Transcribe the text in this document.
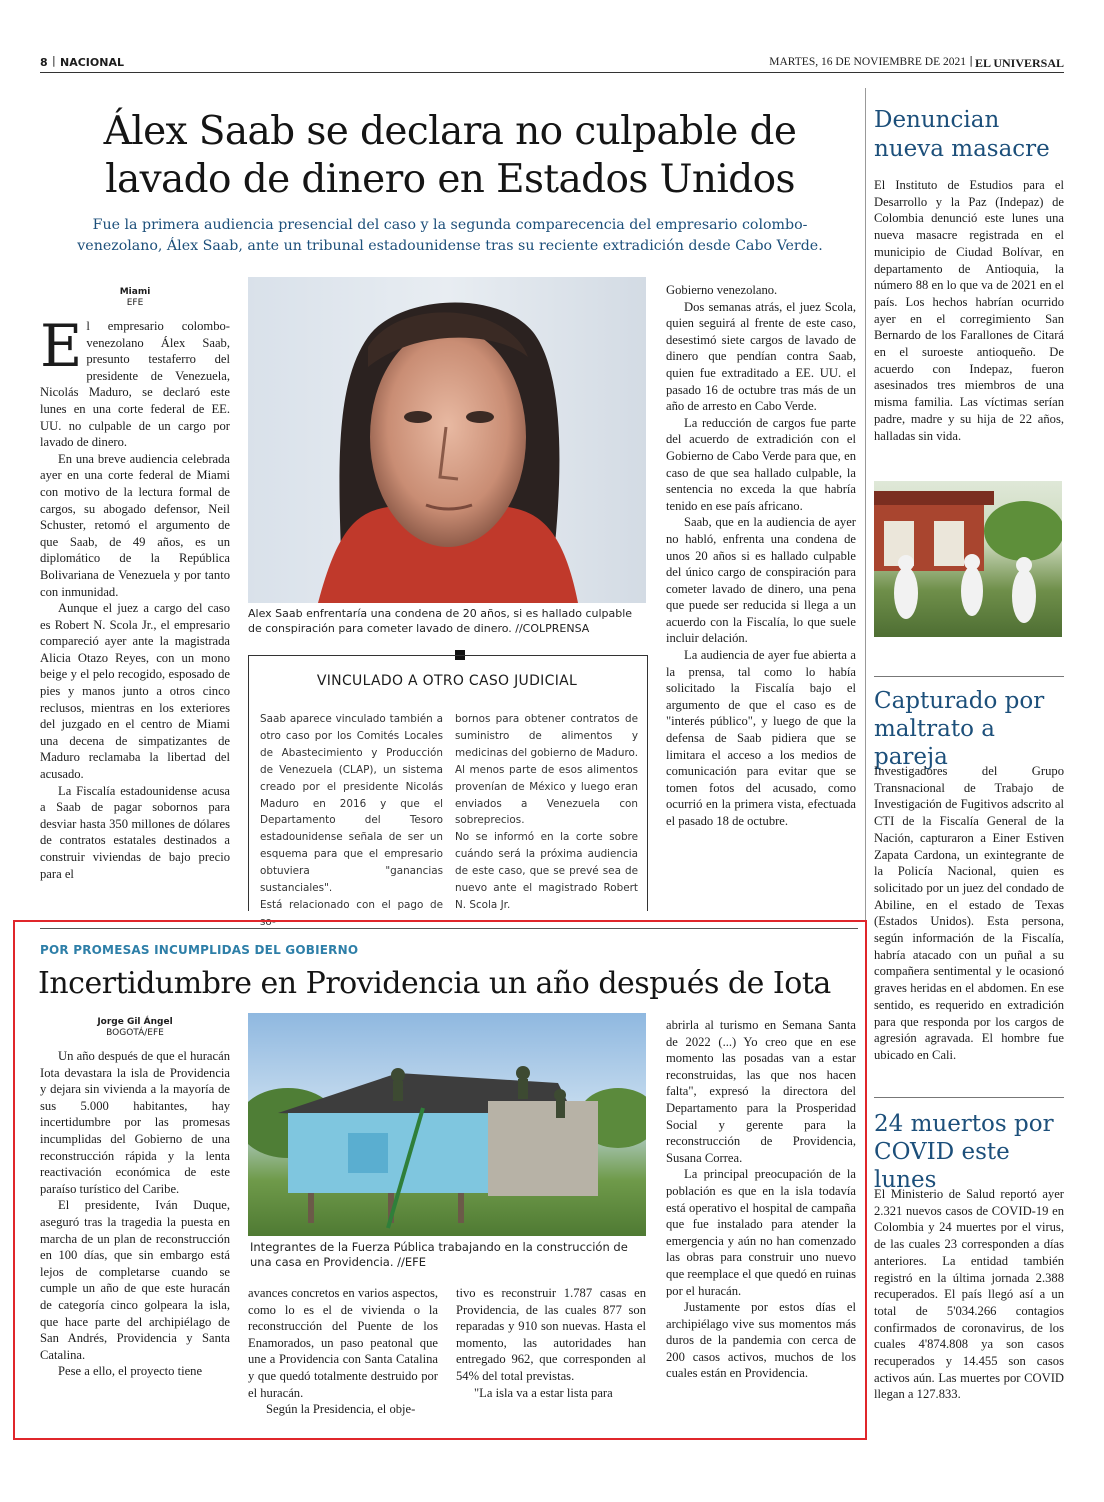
8 | NACIONAL	MARTES, 16 DE NOVIEMBRE DE 2021 | EL UNIVERSAL
Álex Saab se declara no culpable de
lavado de dinero en Estados Unidos
Fue la primera audiencia presencial del caso y la segunda comparecencia del empresario colombo-
venezolano, Álex Saab, ante un tribunal estadounidense tras su reciente extradición desde Cabo Verde.
Miami
EFE
E l empresario colombo-venezolano Álex Saab, presunto testaferro del presidente de Venezuela, Nicolás Maduro, se declaró este lunes en una corte federal de EE. UU. no culpable de un cargo por lavado de dinero.

En una breve audiencia celebrada ayer en una corte federal de Miami con motivo de la lectura formal de cargos, su abogado defensor, Neil Schuster, retomó el argumento de que Saab, de 49 años, es un diplomático de la República Bolivariana de Venezuela y por tanto con inmunidad.

Aunque el juez a cargo del caso es Robert N. Scola Jr., el empresario compareció ayer ante la magistrada Alicia Otazo Reyes, con un mono beige y el pelo recogido, esposado de pies y manos junto a otros cinco reclusos, mientras en los exteriores del juzgado en el centro de Miami una decena de simpatizantes de Maduro reclamaba la libertad del acusado.

La Fiscalía estadounidense acusa a Saab de pagar sobornos para desviar hasta 350 millones de dólares de contratos estatales destinados a construir viviendas de bajo precio para el

Alex Saab enfrentaría una condena de 20 años, si es hallado culpable de conspiración para cometer lavado de dinero. //COLPRENSA
VINCULADO A OTRO CASO JUDICIAL
Saab aparece vinculado también a otro caso por los Comités Locales de Abastecimiento y Producción de Venezuela (CLAP), un sistema creado por el presidente Nicolás Maduro en 2016 y que el Departamento del Tesoro estadounidense señala de ser un esquema para que el empresario obtuviera "ganancias sustanciales".
Está relacionado con el pago de so-
bornos para obtener contratos de suministro de alimentos y medicinas del gobierno de Maduro. Al menos parte de esos alimentos provenían de México y luego eran enviados a Venezuela con sobreprecios.
No se informó en la corte sobre cuándo será la próxima audiencia de este caso, que se prevé sea de nuevo ante el magistrado Robert N. Scola Jr.

Gobierno venezolano.

Dos semanas atrás, el juez Scola, quien seguirá al frente de este caso, desestimó siete cargos de lavado de dinero que pendían contra Saab, quien fue extraditado a EE. UU. el pasado 16 de octubre tras más de un año de arresto en Cabo Verde.

La reducción de cargos fue parte del acuerdo de extradición con el Gobierno de Cabo Verde para que, en caso de que sea hallado culpable, la sentencia no exceda la que habría tenido en ese país africano.

Saab, que en la audiencia de ayer no habló, enfrenta una condena de unos 20 años si es hallado culpable del único cargo de conspiración para cometer lavado de dinero, una pena que puede ser reducida si llega a un acuerdo con la Fiscalía, lo que suele incluir delación.

La audiencia de ayer fue abierta a la prensa, tal como lo había solicitado la Fiscalía bajo el argumento de que el caso es de "interés público", y luego de que la defensa de Saab pidiera que se limitara el acceso a los medios de comunicación para evitar que se tomen fotos del acusado, como ocurrió en la primera vista, efectuada el pasado 18 de octubre.

Denuncian
nueva masacre

El Instituto de Estudios para el Desarrollo y la Paz (Indepaz) de Colombia denunció este lunes una nueva masacre registrada en el municipio de Ciudad Bolívar, en departamento de Antioquia, la número 88 en lo que va de 2021 en el país. Los hechos habrían ocurrido ayer en el corregimiento San Bernardo de los Farallones de Citará en el suroeste antioqueño. De acuerdo con Indepaz, fueron asesinados tres miembros de una misma familia. Las víctimas serían padre, madre y su hija de 22 años, halladas sin vida.

Capturado por
maltrato a pareja

Investigadores del Grupo Transnacional de Trabajo de Investigación de Fugitivos adscrito al CTI de la Fiscalía General de la Nación, capturaron a Einer Estiven Zapata Cardona, un exintegrante de la Policía Nacional, quien es solicitado por un juez del condado de Abiline, en el estado de Texas (Estados Unidos). Esta persona, según información de la Fiscalía, habría atacado con un puñal a su compañera sentimental y le ocasionó graves heridas en el abdomen. En ese sentido, es requerido en extradición para que responda por los cargos de agresión agravada. El hombre fue ubicado en Cali.

24 muertos por
COVID este lunes

El Ministerio de Salud reportó ayer 2.321 nuevos casos de COVID-19 en Colombia y 24 muertes por el virus, de las cuales 23 corresponden a días anteriores. La entidad también registró en la última jornada 2.388 recuperados. El país llegó así a un total de 5'034.266 contagios confirmados de coronavirus, de los cuales 4'874.808 ya son casos recuperados y 14.455 son casos activos aún. Las muertes por COVID llegan a 127.833.

POR PROMESAS INCUMPLIDAS DEL GOBIERNO
Incertidumbre en Providencia un año después de Iota
Jorge Gil Ángel
BOGOTÁ/EFE

Un año después de que el huracán Iota devastara la isla de Providencia y dejara sin vivienda a la mayoría de sus 5.000 habitantes, hay incertidumbre por las promesas incumplidas del Gobierno de una reconstrucción rápida y la lenta reactivación económica de este paraíso turístico del Caribe.

El presidente, Iván Duque, aseguró tras la tragedia la puesta en marcha de un plan de reconstrucción en 100 días, que sin embargo está lejos de completarse cuando se cumple un año de que este huracán de categoría cinco golpeara la isla, que hace parte del archipiélago de San Andrés, Providencia y Santa Catalina.

Pese a ello, el proyecto tiene

Integrantes de la Fuerza Pública trabajando en la construcción de una casa en Providencia. //EFE

avances concretos en varios aspectos, como lo es el de vivienda o la reconstrucción del Puente de los Enamorados, un paso peatonal que une a Providencia con Santa Catalina y que quedó totalmente destruido por el huracán.

Según la Presidencia, el obje-

tivo es reconstruir 1.787 casas en Providencia, de las cuales 877 son reparadas y 910 son nuevas. Hasta el momento, las autoridades han entregado 962, que corresponden al 54% del total previstas.

"La isla va a estar lista para

abrirla al turismo en Semana Santa de 2022 (...) Yo creo que en ese momento las posadas van a estar reconstruidas, las que nos hacen falta", expresó la directora del Departamento para la Prosperidad Social y gerente para la reconstrucción de Providencia, Susana Correa.

La principal preocupación de la población es que en la isla todavía está operativo el hospital de campaña que fue instalado para atender la emergencia y aún no han comenzado las obras para construir uno nuevo que reemplace el que quedó en ruinas por el huracán.

Justamente por estos días el archipiélago vive sus momentos más duros de la pandemia con cerca de 200 casos activos, muchos de los cuales están en Providencia.
